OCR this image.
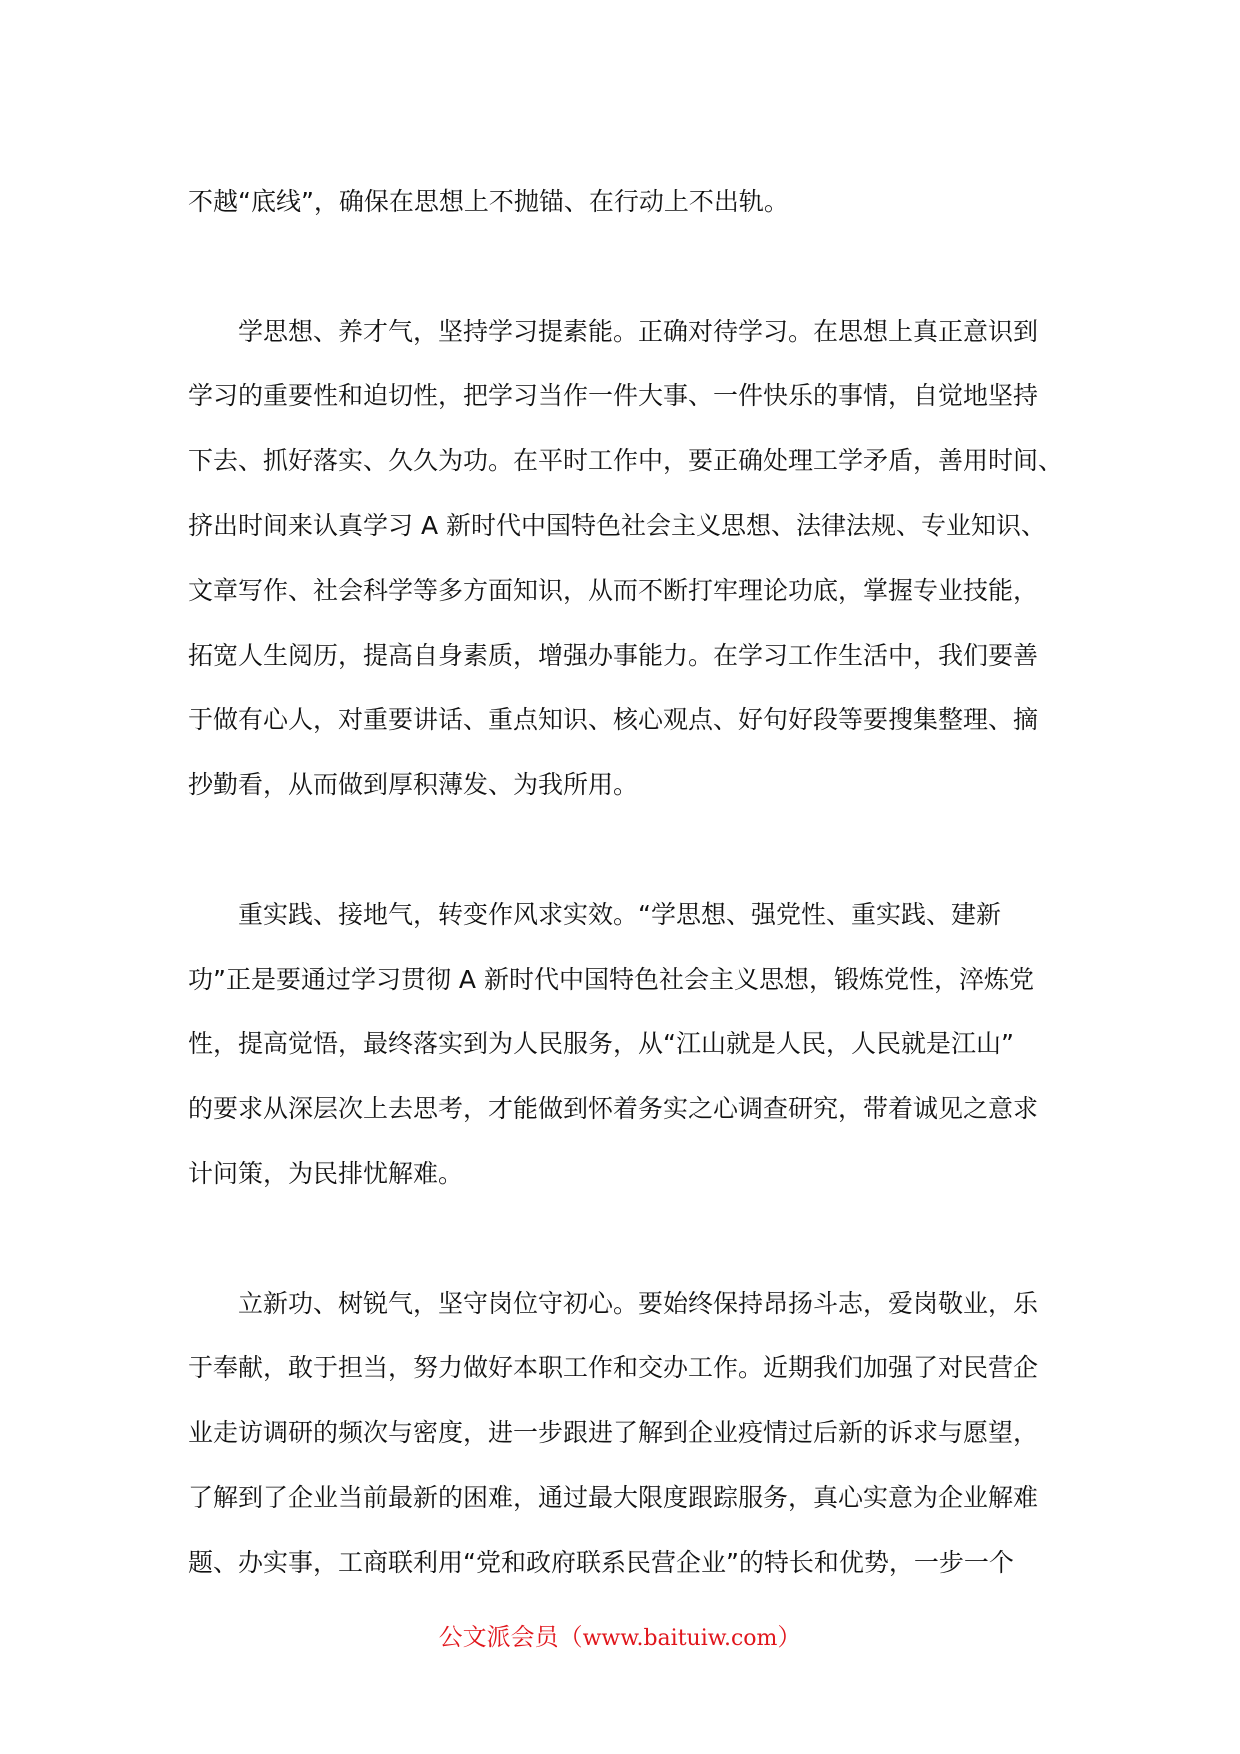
不越“底线”，确保在思想上不抛锚、在行动上不出轨。
　　学思想、养才气，坚持学习提素能。正确对待学习。在思想上真正意识到
学习的重要性和迫切性，把学习当作一件大事、一件快乐的事情，自觉地坚持
下去、抓好落实、久久为功。在平时工作中，要正确处理工学矛盾，善用时间、
挤出时间来认真学习 A 新时代中国特色社会主义思想、法律法规、专业知识、
文章写作、社会科学等多方面知识，从而不断打牢理论功底，掌握专业技能，
拓宽人生阅历，提高自身素质，增强办事能力。在学习工作生活中，我们要善
于做有心人，对重要讲话、重点知识、核心观点、好句好段等要搜集整理、摘
抄勤看，从而做到厚积薄发、为我所用。
　　重实践、接地气，转变作风求实效。“学思想、强党性、重实践、建新
功”正是要通过学习贯彻 A 新时代中国特色社会主义思想，锻炼党性，淬炼党
性，提高觉悟，最终落实到为人民服务，从“江山就是人民，人民就是江山”
的要求从深层次上去思考，才能做到怀着务实之心调查研究，带着诚见之意求
计问策，为民排忧解难。
　　立新功、树锐气，坚守岗位守初心。要始终保持昂扬斗志，爱岗敬业，乐
于奉献，敢于担当，努力做好本职工作和交办工作。近期我们加强了对民营企
业走访调研的频次与密度，进一步跟进了解到企业疫情过后新的诉求与愿望，
了解到了企业当前最新的困难，通过最大限度跟踪服务，真心实意为企业解难
题、办实事，工商联利用“党和政府联系民营企业”的特长和优势，一步一个
公文派会员（www.baituiw.com）
